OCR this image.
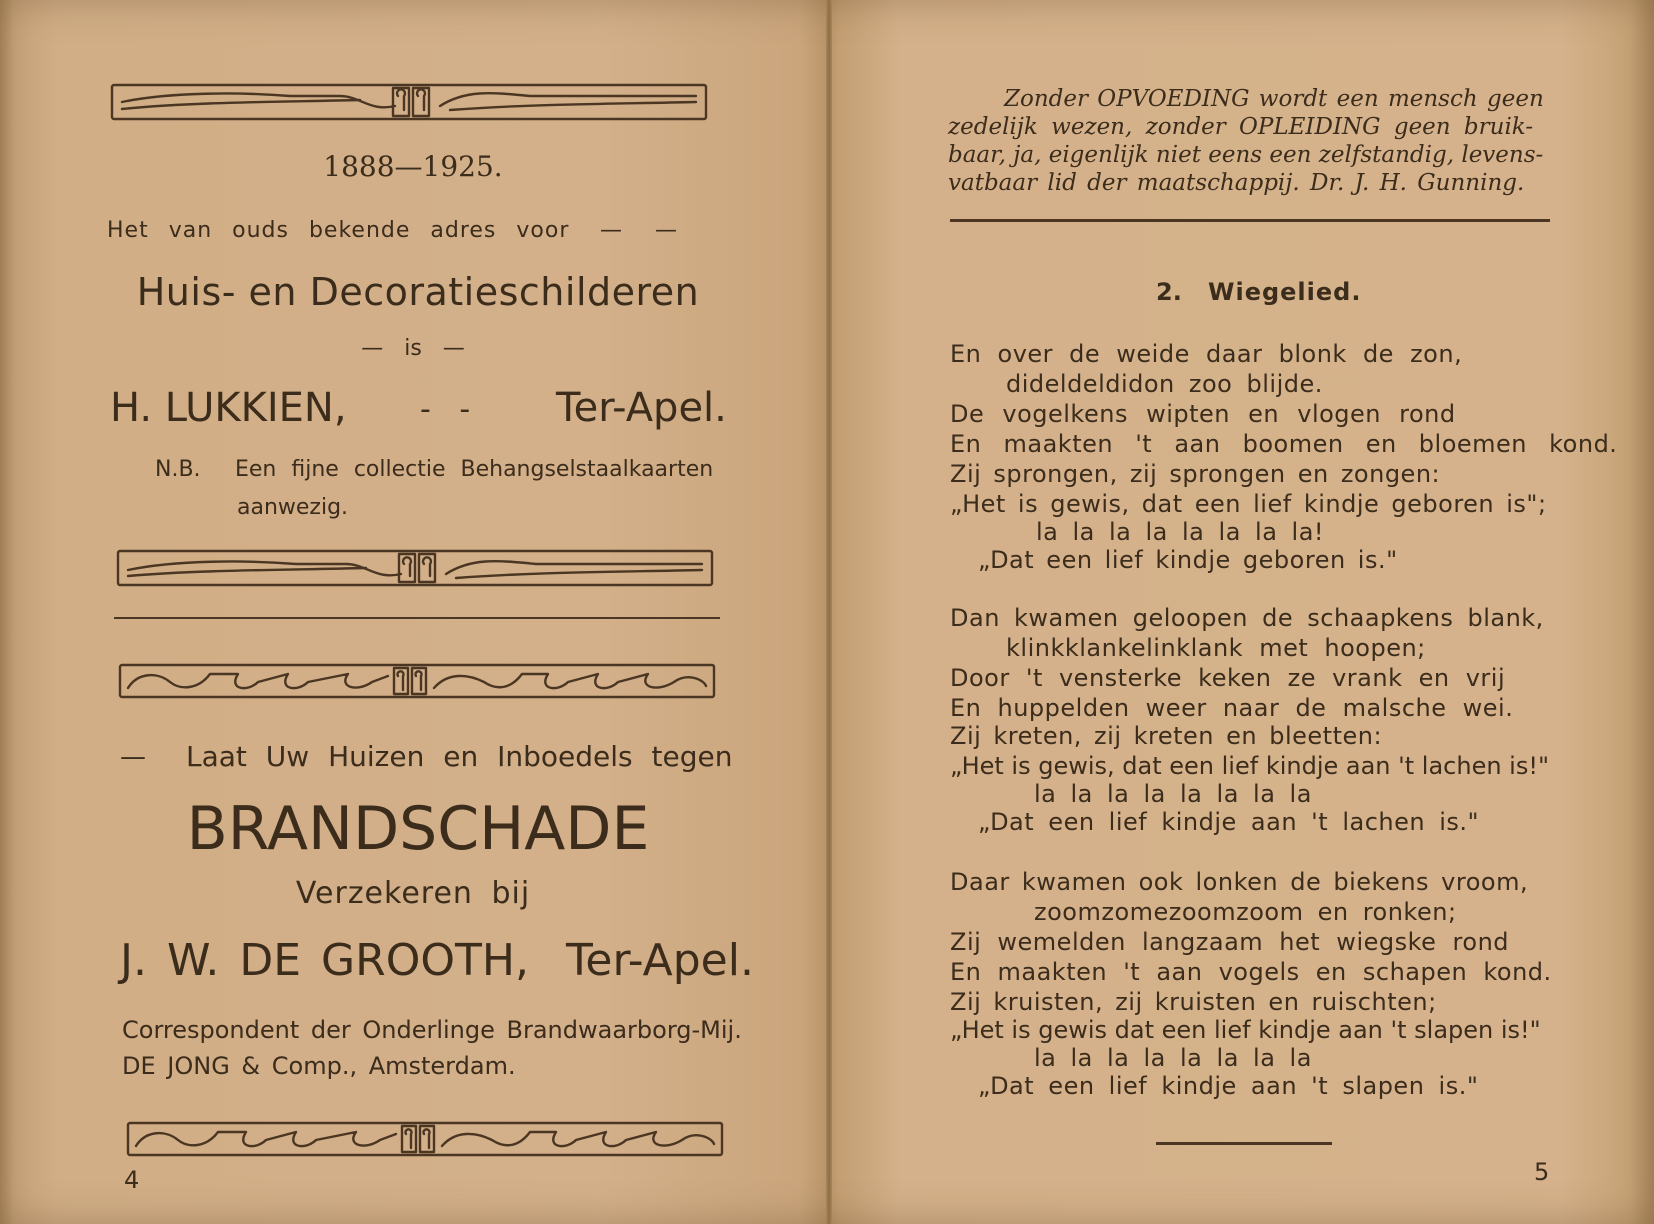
1888—1925.
Het van ouds bekende adres voor — —
Huis- en Decoratieschilderen
— is —
H. LUKKIEN, -   - Ter-Apel.
N.B. Een fijne collectie Behangselstaalkaarten
aanwezig.
— Laat Uw Huizen en Inboedels tegen
BRANDSCHADE
Verzekeren bij
J. W. DE GROOTH, Ter-Apel.
Correspondent der Onderlinge Brandwaarborg-Mij.
DE JONG & Comp., Amsterdam.
4
Zonder OPVOEDING wordt een mensch geen
zedelijk wezen, zonder OPLEIDING geen bruik-
baar, ja, eigenlijk niet eens een zelfstandig, levens-
vatbaar lid der maatschappij. Dr. J. H. Gunning.
2. Wiegelied.
En over de weide daar blonk de zon,
dideldeldidon zoo blijde.
De vogelkens wipten en vlogen rond
En maakten 't aan boomen en bloemen kond.
Zij sprongen, zij sprongen en zongen:
„Het is gewis, dat een lief kindje geboren is";
la la la la la la la la!
„Dat een lief kindje geboren is."
Dan kwamen geloopen de schaapkens blank,
klinkklankelinklank met hoopen;
Door 't vensterke keken ze vrank en vrij
En huppelden weer naar de malsche wei.
Zij kreten, zij kreten en bleetten:
„Het is gewis, dat een lief kindje aan 't lachen is!"
la la la la la la la la
„Dat een lief kindje aan 't lachen is."
Daar kwamen ook lonken de biekens vroom,
zoomzomezoomzoom en ronken;
Zij wemelden langzaam het wiegske rond
En maakten 't aan vogels en schapen kond.
Zij kruisten, zij kruisten en ruischten;
„Het is gewis dat een lief kindje aan 't slapen is!"
la la la la la la la la
„Dat een lief kindje aan 't slapen is."
5
